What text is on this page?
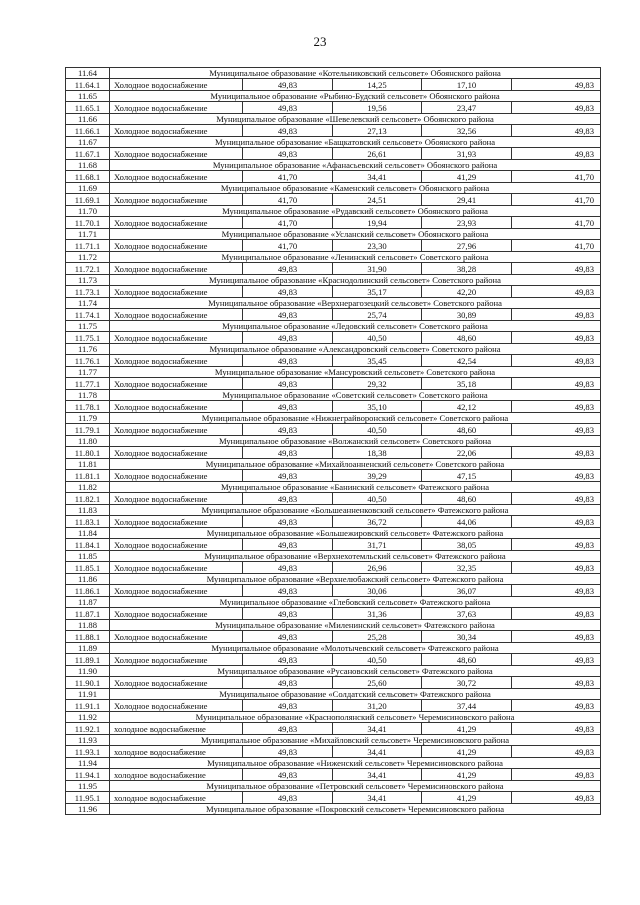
23
11.64	Муниципальное образование «Котельниковский сельсовет» Обоянского района				
11.64.1	Холодное водоснабжение	49,83	14,25	17,10	49,83
11.65	Муниципальное образование «Рыбино-Будский сельсовет» Обоянского района				
11.65.1	Холодное водоснабжение	49,83	19,56	23,47	49,83
11.66	Муниципальное образование «Шевелевский сельсовет» Обоянского района				
11.66.1	Холодное водоснабжение	49,83	27,13	32,56	49,83
11.67	Муниципальное образование «Бащкатовский сельсовет» Обоянского района				
11.67.1	Холодное водоснабжение	49,83	26,61	31,93	49,83
11.68	Муниципальное образование «Афанасьевский сельсовет» Обоянского района				
11.68.1	Холодное водоснабжение	41,70	34,41	41,29	41,70
11.69	Муниципальное образование «Каменский сельсовет» Обоянского района				
11.69.1	Холодное водоснабжение	41,70	24,51	29,41	41,70
11.70	Муниципальное образование «Рудавский сельсовет» Обоянского района				
11.70.1	Холодное водоснабжение	41,70	19,94	23,93	41,70
11.71	Муниципальное образование «Усланский сельсовет» Обоянского района				
11.71.1	Холодное водоснабжение	41,70	23,30	27,96	41,70
11.72	Муниципальное образование «Ленинский сельсовет» Советского района				
11.72.1	Холодное водоснабжение	49,83	31,90	38,28	49,83
11.73	Муниципальное образование «Краснодолинский сельсовет» Советского района				
11.73.1	Холодное водоснабжение	49,83	35,17	42,20	49,83
11.74	Муниципальное образование «Верхнерагозецкий сельсовет» Советского района				
11.74.1	Холодное водоснабжение	49,83	25,74	30,89	49,83
11.75	Муниципальное образование «Ледовский сельсовет» Советского района				
11.75.1	Холодное водоснабжение	49,83	40,50	48,60	49,83
11.76	Муниципальное образование «Александровский сельсовет» Советского района				
11.76.1	Холодное водоснабжение	49,83	35,45	42,54	49,83
11.77	Муниципальное образование «Мансуровский сельсовет» Советского района				
11.77.1	Холодное водоснабжение	49,83	29,32	35,18	49,83
11.78	Муниципальное образование «Советский сельсовет» Советского района				
11.78.1	Холодное водоснабжение	49,83	35,10	42,12	49,83
11.79	Муниципальное образование «Нижнеграйворонский сельсовет» Советского района				
11.79.1	Холодное водоснабжение	49,83	40,50	48,60	49,83
11.80	Муниципальное образование «Волжанский сельсовет» Советского района				
11.80.1	Холодное водоснабжение	49,83	18,38	22,06	49,83
11.81	Муниципальное образование «Михайлоанненский сельсовет» Советского района				
11.81.1	Холодное водоснабжение	49,83	39,29	47,15	49,83
11.82	Муниципальное образование «Банинский сельсовет» Фатежского района				
11.82.1	Холодное водоснабжение	49,83	40,50	48,60	49,83
11.83	Муниципальное образование «Большеанненковский сельсовет» Фатежского района				
11.83.1	Холодное водоснабжение	49,83	36,72	44,06	49,83
11.84	Муниципальное образование «Большежировский сельсовет» Фатежского района				
11.84.1	Холодное водоснабжение	49,83	31,71	38,05	49,83
11.85	Муниципальное образование «Верхнехотемльский сельсовет» Фатежского района				
11.85.1	Холодное водоснабжение	49,83	26,96	32,35	49,83
11.86	Муниципальное образование «Верхнелюбажский сельсовет» Фатежского района				
11.86.1	Холодное водоснабжение	49,83	30,06	36,07	49,83
11.87	Муниципальное образование «Глебовский сельсовет» Фатежского района				
11.87.1	Холодное водоснабжение	49,83	31,36	37,63	49,83
11.88	Муниципальное образование «Миленинский сельсовет» Фатежского района				
11.88.1	Холодное водоснабжение	49,83	25,28	30,34	49,83
11.89	Муниципальное образование «Молотычевский сельсовет» Фатежского района				
11.89.1	Холодное водоснабжение	49,83	40,50	48,60	49,83
11.90	Муниципальное образование «Русановский сельсовет» Фатежского района				
11.90.1	Холодное водоснабжение	49,83	25,60	30,72	49,83
11.91	Муниципальное образование «Солдатский сельсовет» Фатежского района				
11.91.1	Холодное водоснабжение	49,83	31,20	37,44	49,83
11.92	Муниципальное образование «Краснополянский сельсовет» Черемисиновского района				
11.92.1	холодное водоснабжение	49,83	34,41	41,29	49,83
11.93	Муниципальное образование «Михайловский сельсовет» Черемисиновского района				
11.93.1	холодное водоснабжение	49,83	34,41	41,29	49,83
11.94	Муниципальное образование «Ниженский сельсовет» Черемисиновского района				
11.94.1	холодное водоснабжение	49,83	34,41	41,29	49,83
11.95	Муниципальное образование «Петровский сельсовет» Черемисиновского района				
11.95.1	холодное водоснабжение	49,83	34,41	41,29	49,83
11.96	Муниципальное образование «Покровский сельсовет» Черемисиновского района				
